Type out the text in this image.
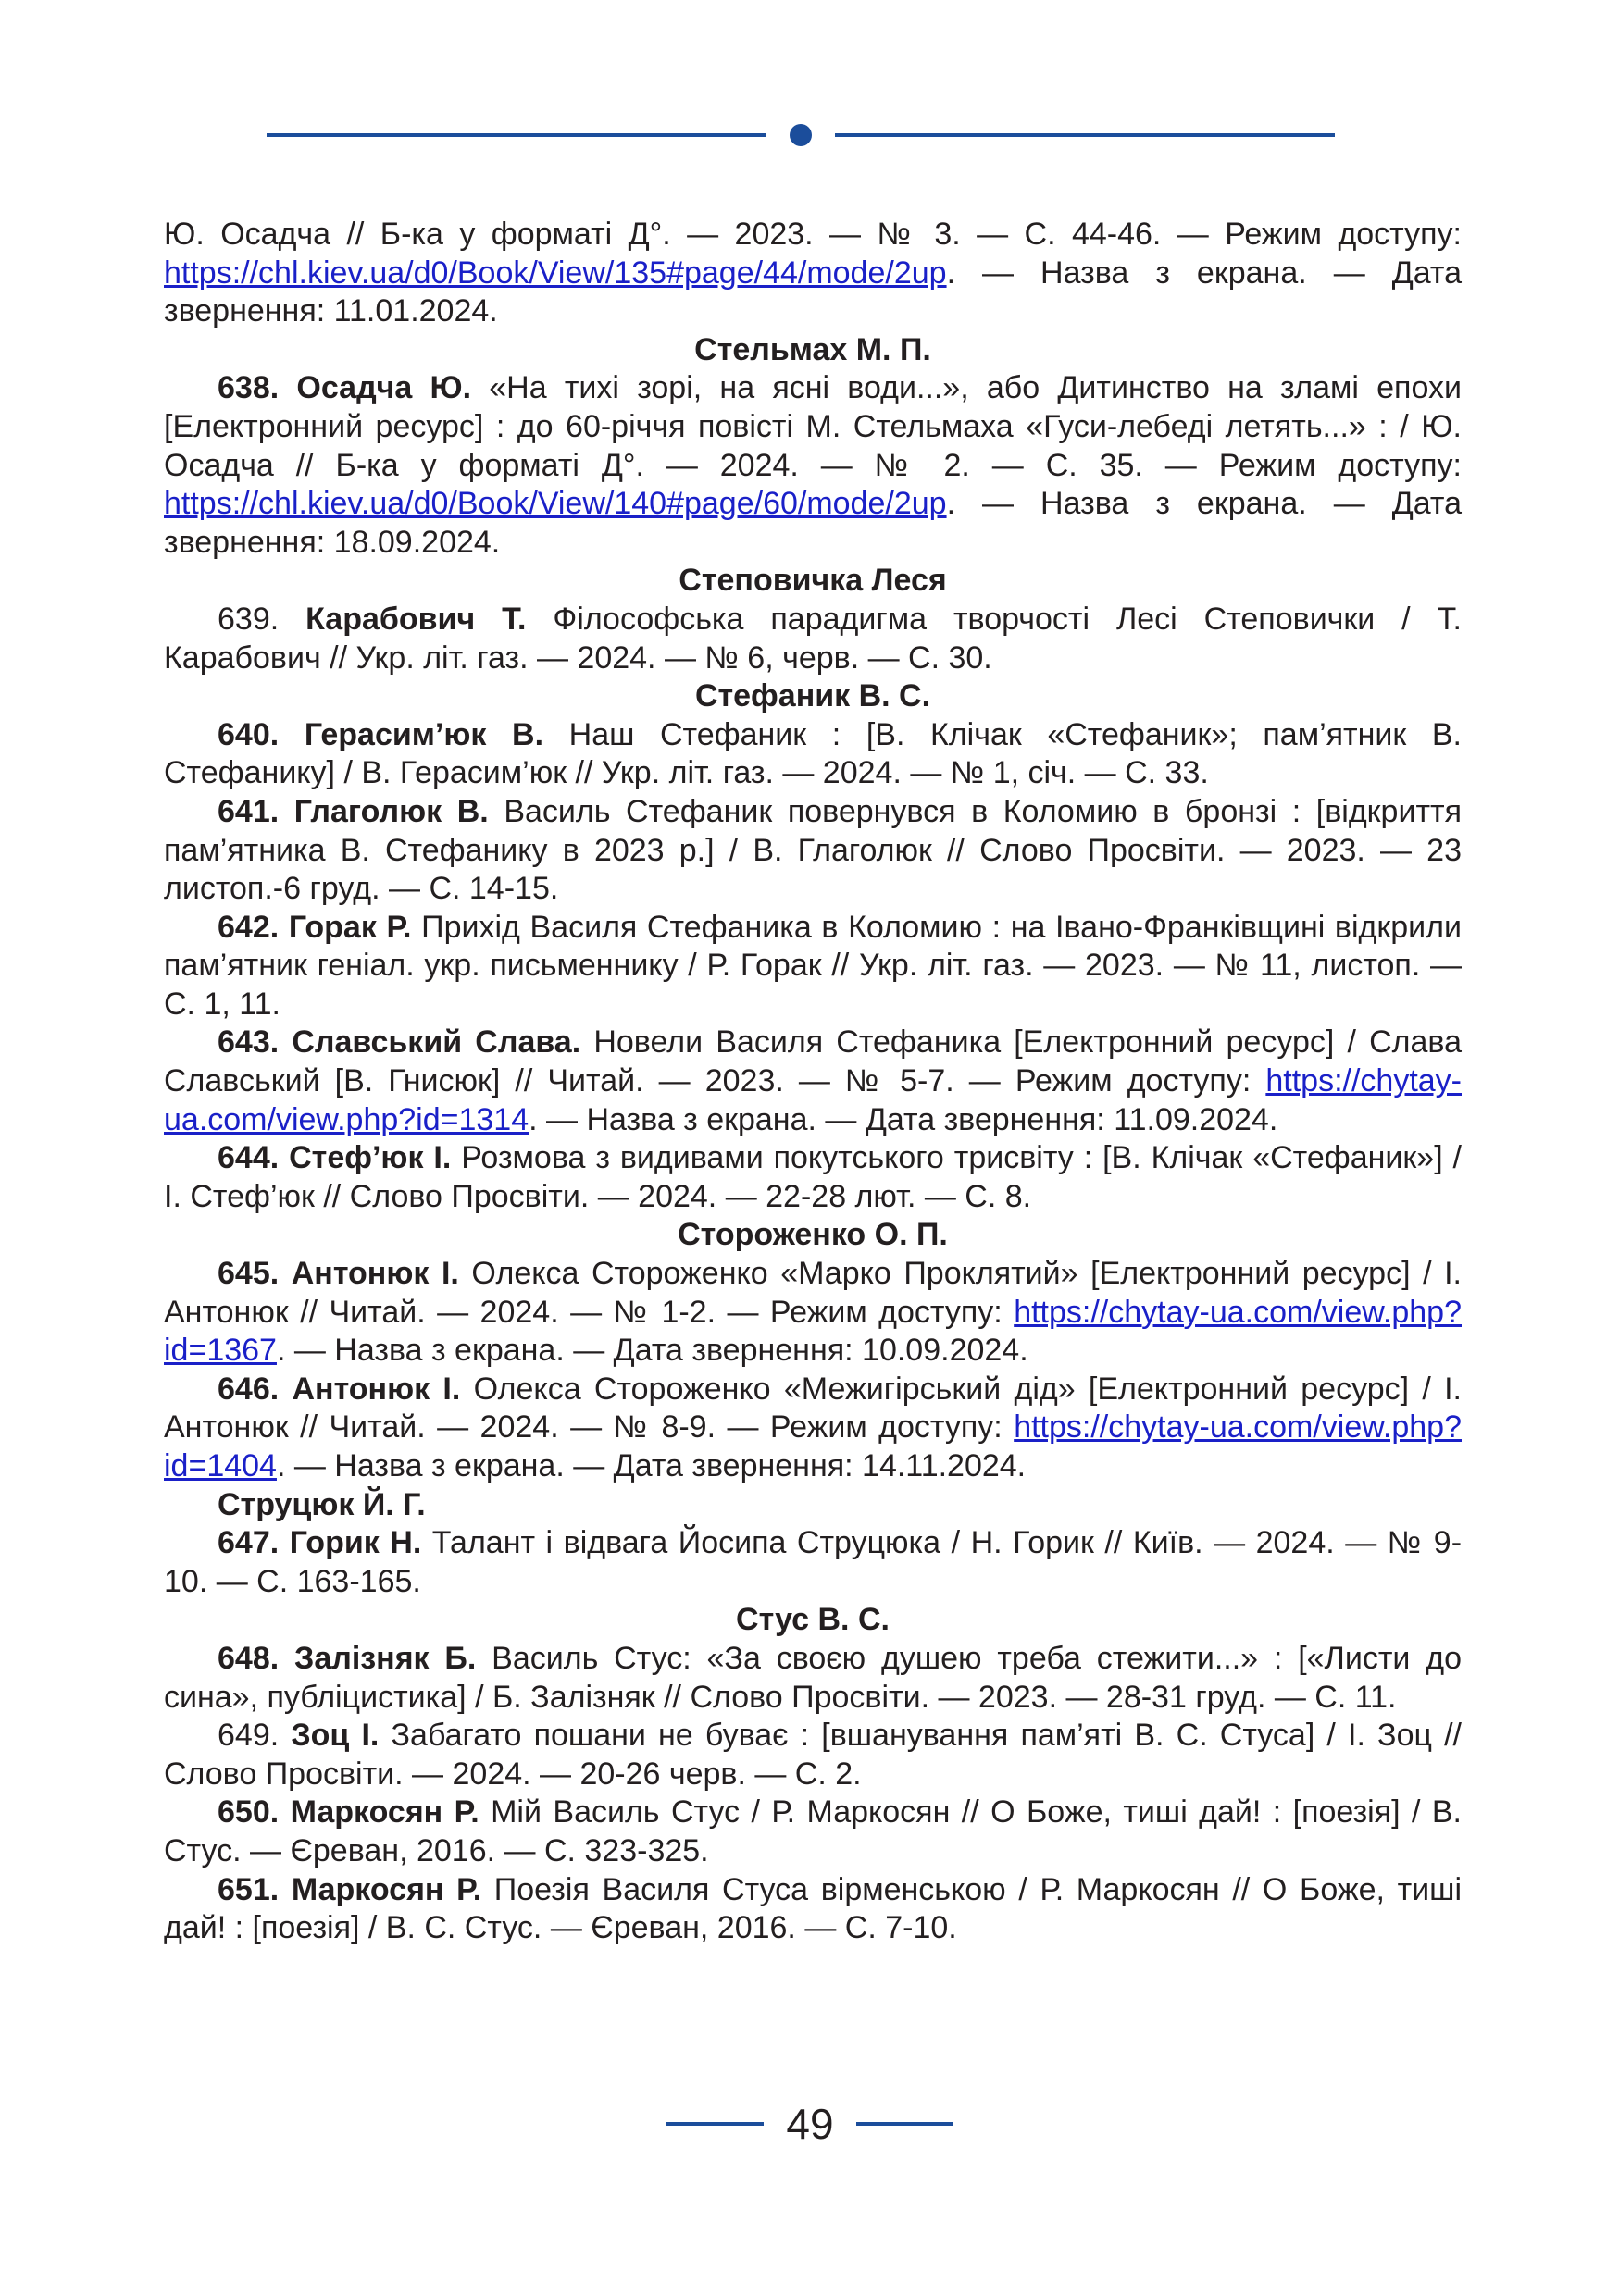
Ю. Осадча // Б-ка у форматі Д°. — 2023. — № 3. — С. 44-46. — Режим доступу: https://chl.kiev.ua/d0/Book/View/135#page/44/mode/2up. — Назва з екрана. — Дата звернення: 11.01.2024.

Стельмах М. П.

638. Осадча Ю. «На тихі зорі, на ясні води...», або Дитинство на зламі епохи [Електронний ресурс] : до 60-річчя повісті М. Стельмаха «Гуси-лебеді летять...» : / Ю. Осадча // Б-ка у форматі Д°. — 2024. — № 2. — С. 35. — Режим доступу: https://chl.kiev.ua/d0/Book/View/140#page/60/mode/2up. — Назва з екрана. — Дата звернення: 18.09.2024.

Степовичка Леся

639. Карабович Т. Філософська парадигма творчості Лесі Степовички / Т. Карабович // Укр. літ. газ. — 2024. — № 6, черв. — С. 30.

Стефаник В. С.

640. Герасим’юк В. Наш Стефаник : [В. Клічак «Стефаник»; пам’ятник В. Стефанику] / В. Герасим’юк // Укр. літ. газ. — 2024. — № 1, січ. — С. 33.

641. Глаголюк В. Василь Стефаник повернувся в Коломию в бронзі : [відкриття пам’ятника В. Стефанику в 2023 р.] / В. Глаголюк // Слово Просвіти. — 2023. — 23 листоп.-6 груд. — С. 14-15.

642. Горак Р. Прихід Василя Стефаника в Коломию : на Івано-Франківщині відкрили пам’ятник геніал. укр. письменнику / Р. Горак // Укр. літ. газ. — 2023. — № 11, листоп. — С. 1, 11.

643. Славський Слава. Новели Василя Стефаника [Електронний ресурс] / Слава Славський [В. Гнисюк] // Читай. — 2023. — № 5-7. — Режим доступу: https://chytay-ua.com/view.php?id=1314. — Назва з екрана. — Дата звернення: 11.09.2024.

644. Стеф’юк І. Розмова з видивами покутського трисвіту : [В. Клічак «Стефаник»] / І. Стеф’юк // Слово Просвіти. — 2024. — 22-28 лют. — С. 8.

Стороженко О. П.

645. Антонюк І. Олекса Стороженко «Марко Проклятий» [Електронний ресурс] / І. Антонюк // Читай. — 2024. — № 1-2. — Режим доступу: https://chytay-ua.com/view.php?id=1367. — Назва з екрана. — Дата звернення: 10.09.2024.

646. Антонюк І. Олекса Стороженко «Межигірський дід» [Електронний ресурс] / І. Антонюк // Читай. — 2024. — № 8-9. — Режим доступу: https://chytay-ua.com/view.php?id=1404. — Назва з екрана. — Дата звернення: 14.11.2024.

Струцюк Й. Г.

647. Горик Н. Талант і відвага Йосипа Струцюка / Н. Горик // Київ. — 2024. — № 9-10. — С. 163-165.

Стус В. С.

648. Залізняк Б. Василь Стус: «За своєю душею треба стежити...» : [«Листи до сина», публіцистика] / Б. Залізняк // Слово Просвіти. — 2023. — 28-31 груд. — С. 11.

649. Зоц І. Забагато пошани не буває : [вшанування пам’яті В. С. Стуса] / І. Зоц // Слово Просвіти. — 2024. — 20-26 черв. — С. 2.

650. Маркосян Р. Мій Василь Стус / Р. Маркосян // О Боже, тиші дай! : [поезія] / В. Стус. — Єреван, 2016. — С. 323-325.

651. Маркосян Р. Поезія Василя Стуса вірменською / Р. Маркосян // О Боже, тиші дай! : [поезія] / В. С. Стус. — Єреван, 2016. — С. 7-10.

49
